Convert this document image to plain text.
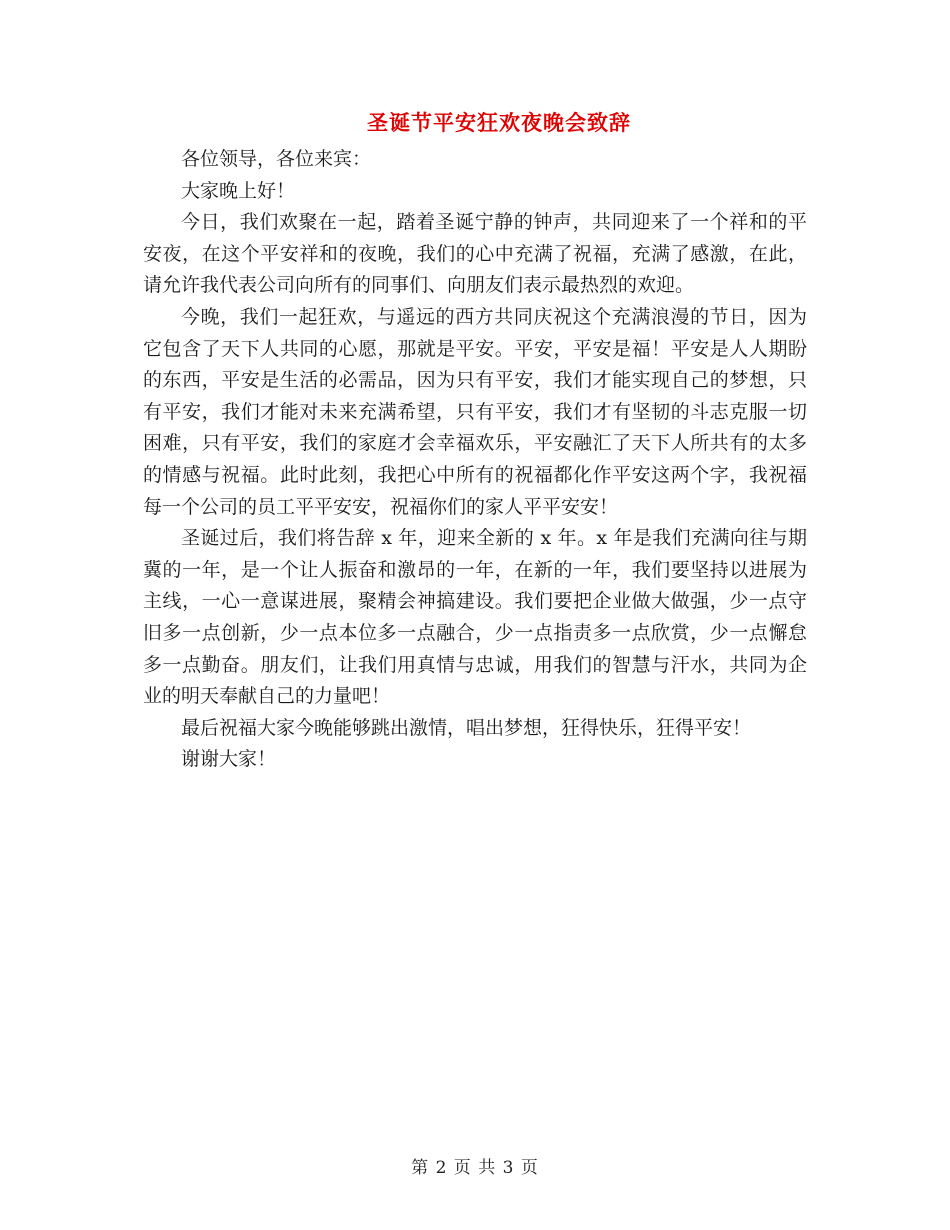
圣诞节平安狂欢夜晚会致辞

各位领导，各位来宾：

大家晚上好！

今日，我们欢聚在一起，踏着圣诞宁静的钟声，共同迎来了一个祥和的平安夜，在这个平安祥和的夜晚，我们的心中充满了祝福，充满了感激，在此，请允许我代表公司向所有的同事们、向朋友们表示最热烈的欢迎。

今晚，我们一起狂欢，与遥远的西方共同庆祝这个充满浪漫的节日，因为它包含了天下人共同的心愿，那就是平安。平安，平安是福！平安是人人期盼的东西，平安是生活的必需品，因为只有平安，我们才能实现自己的梦想，只有平安，我们才能对未来充满希望，只有平安，我们才有坚韧的斗志克服一切困难，只有平安，我们的家庭才会幸福欢乐，平安融汇了天下人所共有的太多的情感与祝福。此时此刻，我把心中所有的祝福都化作平安这两个字，我祝福每一个公司的员工平平安安，祝福你们的家人平平安安！

圣诞过后，我们将告辞 x 年，迎来全新的 x 年。x 年是我们充满向往与期冀的一年，是一个让人振奋和激昂的一年，在新的一年，我们要坚持以进展为主线，一心一意谋进展，聚精会神搞建设。我们要把企业做大做强，少一点守旧多一点创新，少一点本位多一点融合，少一点指责多一点欣赏，少一点懈怠多一点勤奋。朋友们，让我们用真情与忠诚，用我们的智慧与汗水，共同为企业的明天奉献自己的力量吧！

最后祝福大家今晚能够跳出激情，唱出梦想，狂得快乐，狂得平安！

谢谢大家！

第 2 页 共 3 页
